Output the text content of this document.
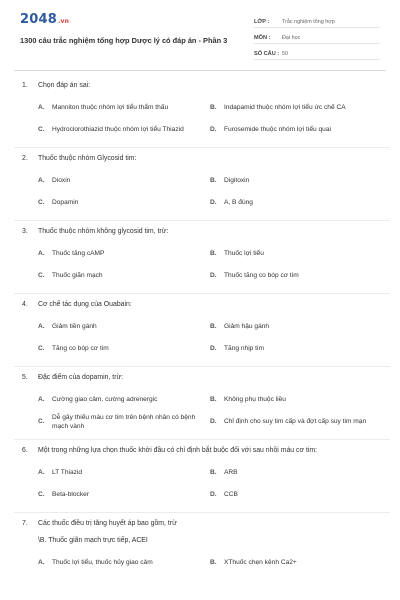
2048.vn
1300 câu trắc nghiệm tổng hợp Dược lý có đáp án - Phần 3
LỚP :	Trắc nghiệm tổng hợp
MÔN :	Đại học
SỐ CÂU : 50
1.	Chọn đáp án sai:
A.	Manniton thuộc nhóm lợi tiểu thẩm thấu	B.	Indapamid thuộc nhóm lợi tiểu ức chế CA
C.	Hydroclorothiazid thuộc nhóm lợi tiểu Thiazid	D.	Furosemide thuộc nhóm lợi tiểu quai
2.	Thuốc thuộc nhóm Glycosid tim:
A.	Dioxin	B.	Digitoxin
C.	Dopamin	D.	A, B đúng
3.	Thuốc thuộc nhóm không glycosid tim, trừ:
A.	Thuốc tăng cAMP	B.	Thuốc lợi tiểu
C.	Thuốc giãn mạch	D.	Thuốc tăng co bóp cơ tim
4.	Cơ chế tác dụng của Ouabain:
A.	Giảm tiền gánh	B.	Giảm hậu gánh
C.	Tăng co bóp cơ tim	D.	Tăng nhịp tim
5.	Đặc điểm của dopamin, trừ:
A.	Cường giao cảm, cường adrenergic	B.	Không phụ thuộc liều
C.
Dễ gây thiếu máu cơ tim trên bệnh nhân có bệnh mạch vành
D.	Chỉ định cho suy tim cấp và đợt cấp suy tim mạn
6.	Một trong những lựa chọn thuốc khởi đầu có chỉ định bắt buộc đối với sau nhồi máu cơ tim:
A.	LT Thiazid	B.	ARB
C.	Beta-blocker	D.	CCB
7.	Các thuốc điều trị tăng huyết áp bao gồm, trừ
\B. Thuốc giãn mạch trực tiếp, ACEI
A.	Thuốc lợi tiểu, thuốc hủy giao cảm	B.	XThuốc chẹn kênh Ca2+
